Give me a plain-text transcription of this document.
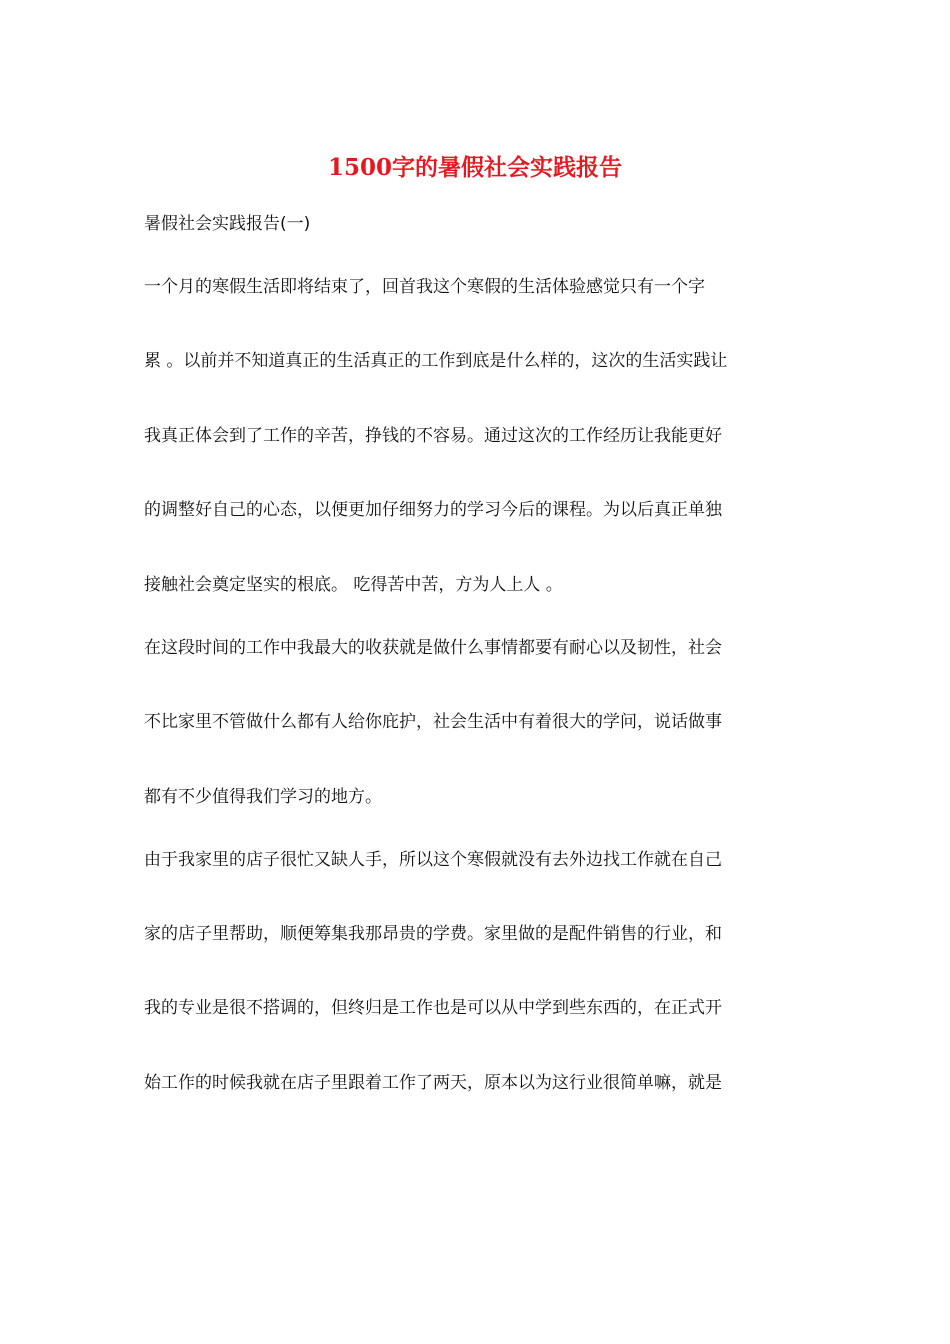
1500字的暑假社会实践报告
暑假社会实践报告(一)
一个月的寒假生活即将结束了，回首我这个寒假的生活体验感觉只有一个字
累 。以前并不知道真正的生活真正的工作到底是什么样的，这次的生活实践让
我真正体会到了工作的辛苦，挣钱的不容易。通过这次的工作经历让我能更好
的调整好自己的心态，以便更加仔细努力的学习今后的课程。为以后真正单独
接触社会奠定坚实的根底。 吃得苦中苦，方为人上人 。
在这段时间的工作中我最大的收获就是做什么事情都要有耐心以及韧性，社会
不比家里不管做什么都有人给你庇护，社会生活中有着很大的学问，说话做事
都有不少值得我们学习的地方。
由于我家里的店子很忙又缺人手，所以这个寒假就没有去外边找工作就在自己
家的店子里帮助，顺便筹集我那昂贵的学费。家里做的是配件销售的行业，和
我的专业是很不搭调的，但终归是工作也是可以从中学到些东西的，在正式开
始工作的时候我就在店子里跟着工作了两天，原本以为这行业很简单嘛，就是
